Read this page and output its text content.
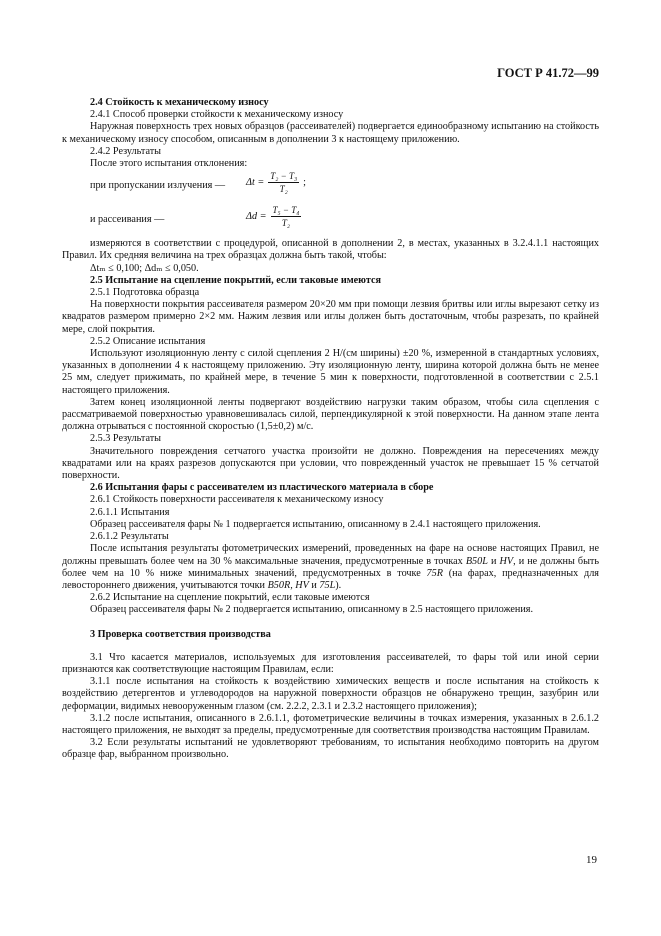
ГОСТ Р 41.72—99
2.4 Стойкость к механическому износу
2.4.1 Способ проверки стойкости к механическому износу
Наружная поверхность трех новых образцов (рассеивателей) подвергается единообразному испытанию на стойкость к механическому износу способом, описанным в дополнении 3 к настоящему приложению.
2.4.2 Результаты
После этого испытания отклонения:
при пропускании излучения — $\Delta t = \frac{\text{T₂ − T₃}}{\text{T₂}}$ ;
и рассеивания —	$\Delta d = \frac{\text{T₅ − T₄}}{\text{T₂}}$
измеряются в соответствии с процедурой, описанной в дополнении 2, в местах, указанных в 3.2.4.1.1 настоящих Правил. Их средняя величина на трех образцах должна быть такой, чтобы:
Δtₘ ≤ 0,100; Δdₘ ≤ 0,050.
2.5 Испытание на сцепление покрытий, если таковые имеются
2.5.1 Подготовка образца
На поверхности покрытия рассеивателя размером 20×20 мм при помощи лезвия бритвы или иглы вырезают сетку из квадратов размером примерно 2×2 мм. Нажим лезвия или иглы должен быть достаточным, чтобы разрезать, по крайней мере, слой покрытия.
2.5.2 Описание испытания
Используют изоляционную ленту с силой сцепления 2 Н/(см ширины) ±20 %, измеренной в стандартных условиях, указанных в дополнении 4 к настоящему приложению. Эту изоляционную ленту, ширина которой должна быть не менее 25 мм, следует прижимать, по крайней мере, в течение 5 мин к поверхности, подготовленной в соответствии с 2.5.1 настоящего приложения.
Затем конец изоляционной ленты подвергают воздействию нагрузки таким образом, чтобы сила сцепления с рассматриваемой поверхностью уравновешивалась силой, перпендикулярной к этой поверхности. На данном этапе лента должна отрываться с постоянной скоростью (1,5±0,2) м/с.
2.5.3 Результаты
Значительного повреждения сетчатого участка произойти не должно. Повреждения на пересечениях между квадратами или на краях разрезов допускаются при условии, что поврежденный участок не превышает 15 % сетчатой поверхности.
2.6 Испытания фары с рассеивателем из пластического материала в сборе
2.6.1 Стойкость поверхности рассеивателя к механическому износу
2.6.1.1 Испытания
Образец рассеивателя фары № 1 подвергается испытанию, описанному в 2.4.1 настоящего приложения.
2.6.1.2 Результаты
После испытания результаты фотометрических измерений, проведенных на фаре на основе настоящих Правил, не должны превышать более чем на 30 % максимальные значения, предусмотренные в точках B50L и HV, и не должны быть более чем на 10 % ниже минимальных значений, предусмотренных в точке 75R (на фарах, предназначенных для левостороннего движения, учитываются точки B50R, HV и 75L).
2.6.2 Испытание на сцепление покрытий, если таковые имеются
Образец рассеивателя фары № 2 подвергается испытанию, описанному в 2.5 настоящего приложения.
3 Проверка соответствия производства
3.1 Что касается материалов, используемых для изготовления рассеивателей, то фары той или иной серии признаются как соответствующие настоящим Правилам, если:
3.1.1 после испытания на стойкость к воздействию химических веществ и после испытания на стойкость к воздействию детергентов и углеводородов на наружной поверхности образцов не обнаружено трещин, зазубрин или деформации, видимых невооруженным глазом (см. 2.2.2, 2.3.1 и 2.3.2 настоящего приложения);
3.1.2 после испытания, описанного в 2.6.1.1, фотометрические величины в точках измерения, указанных в 2.6.1.2 настоящего приложения, не выходят за пределы, предусмотренные для соответствия производства настоящим Правилам.
3.2 Если результаты испытаний не удовлетворяют требованиям, то испытания необходимо повторить на другом образце фар, выбранном произвольно.
19
